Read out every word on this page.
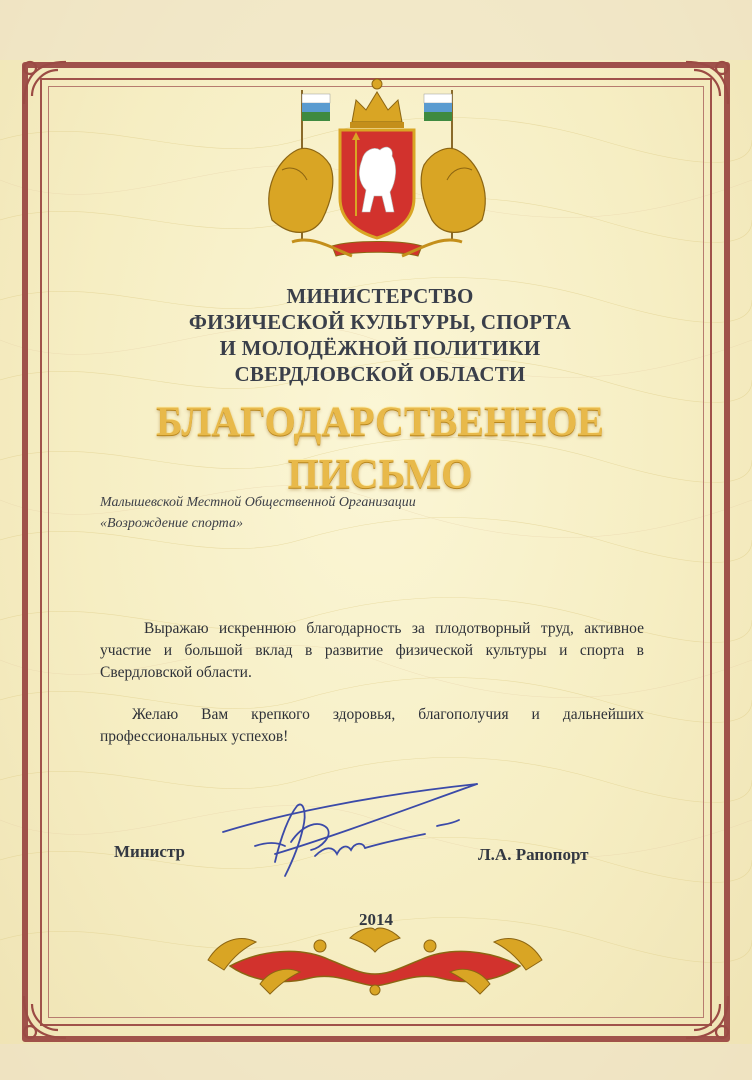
МИНИСТЕРСТВО
ФИЗИЧЕСКОЙ КУЛЬТУРЫ, СПОРТА
И МОЛОДЁЖНОЙ ПОЛИТИКИ
СВЕРДЛОВСКОЙ ОБЛАСТИ
БЛАГОДАРСТВЕННОЕ ПИСЬМО

Малышевской Местной Общественной Организации
«Возрождение спорта»

Выражаю искреннюю благодарность за плодотворный труд, активное участие и большой вклад в развитие физической культуры и спорта в Свердловской области.

Желаю Вам крепкого здоровья, благополучия и дальнейших профессиональных успехов!

Министр	Л.А. Рапопорт

2014
